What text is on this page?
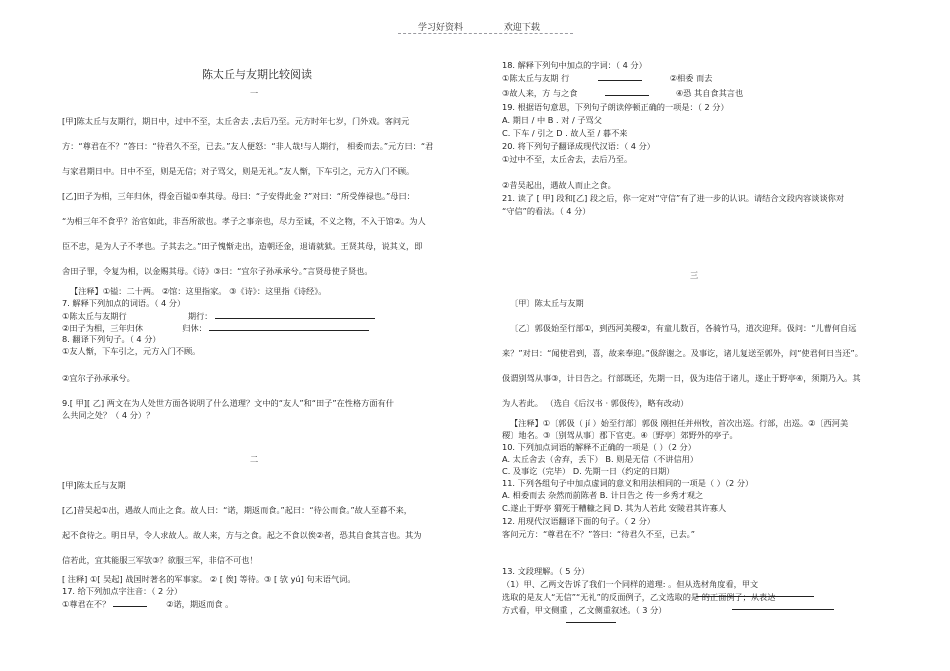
学习好资料	欢迎下载
陈太丘与友期比较阅读
一
[甲]陈太丘与友期行，期日中，过中不至，太丘舍去 ,去后乃至。元方时年七岁，门外戏。客问元
方：“尊君在不？”答曰：“待君久不至，已去。”友人便怒：“非人哉!与人期行， 相委而去。”元方曰：“君
与家君期日中。日中不至，则是无信；对子骂父，则是无礼。”友人惭，下车引之，元方入门不顾。
[乙]田子为相，三年归休，得金百镒①奉其母。母曰：“子安得此金 ?”对曰：“所受俸禄也。”母曰：
“为相三年不食乎？治官如此，非吾所欲也。孝子之事亲也，尽力至诚，不义之物，不入于馆②。为人
臣不忠，是为人子不孝也。子其去之。”田子愧惭走出，造朝还金，退请就狱。王贤其母，说其义，即
舍田子罪，令复为相，以金赐其母。《诗》③曰：“宜尔子孙承承兮。”言贤母使子贤也。
【注释】①镒：二十两。 ②馆：这里指家。 ③《诗》：这里指《诗经》。
7. 解释下列加点的词语。（ 4 分）
①陈太丘与友期行	期行：
②田子为相，三年归休	归休：
8. 翻译下列句子。（ 4 分）
①友人惭，下车引之，元方入门不顾。
②宜尔子孙承承兮。
9.[ 甲][ 乙] 两文在为人处世方面各说明了什么道理？文中的“友人”和“田子”在性格方面有什
么共同之处？（ 4 分）？
二
[甲]陈太丘与友期
[乙]昔吴起①出，遇故人而止之食。故人曰：“诺，期返而食。”起曰：“待公而食。”故人至暮不来，
起不食待之。明日早，令人求故人。故人来，方与之食。起之不食以俟②者，恐其自食其言也。其为
信若此，宜其能服三军欤③？欲服三军，非信不可也！
[ 注释] ①[ 吴起] 战国时著名的军事家。 ② [ 俟] 等待。③ [ 欤 yú] 句末语气词。
17. 给下列加点字注音：（ 2 分）
①尊君在不？	②诺，期返而食 。
18. 解释下列句中加点的字词：（ 4 分）
①陈太丘与友期 行	②相委 而去
③故人来，方 与之食	④恐 其自食其言也
19. 根据语句意思，下列句子朗读停顿正确的一项是：（ 2 分）
A. 期日 / 中 B . 对 / 子骂父
C. 下车 / 引之 D . 故人至 / 暮不来
20. 将下列句子翻译成现代汉语：（ 4 分）
①过中不至，太丘舍去，去后乃至。
②昔吴起出，遇故人而止之食。
21. 读了 [ 甲] 段和[乙] 段之后，你一定对“守信”有了进一步的认识。请结合文段内容谈谈你对
“守信”的看法。（ 4 分）
三
〔甲〕陈太丘与友期
〔乙〕郭伋始至行部①，到西河美稷②，有童儿数百，各骑竹马，道次迎拜。伋问：“儿曹何自远
来？”对曰：“闻使君到，喜，故来奉迎。”伋辞谢之。及事讫，诸儿复送至郭外，问“使君何日当还”。
伋谓别驾从事③，计日告之。行部既还，先期一日，伋为违信于诸儿，遂止于野亭④，须期乃入。其
为人若此。 （选自《后汉书 · 郭伋传》，略有改动）
【注释】①〔郭伋（ jí ）始至行部〕郭伋 刚担任并州牧，首次出巡。行部，出巡。②〔西河美
稷〕地名。③〔别驾从事〕郡下官吏。④〔野亭〕郊野外的亭子。
10. 下列加点词语的解释不正确的一项是（ ）（2 分）
A. 太丘舍去（舍弃，丢下） B. 则是无信（不讲信用）
C. 及事讫（完毕） D. 先期一日（约定的日期）
11. 下列各组句子中加点虚词的意义和用法相同的一项是（ ）（2 分）
A. 相委而去 杂然而前陈者 B. 计日告之 传一乡秀才观之
C.遂止于野亭 猬死于糟糠之间 D. 其为人若此 安陵君其许寡人
12. 用现代汉语翻译下面的句子。（ 2 分）
客问元方：“尊君在不？”答曰：“待君久不至，已去。”
13. 文段理解。（ 5 分）
（1）甲、乙两文告诉了我们一个同样的道理: 。但从选材角度看，甲文
选取的是友人“无信”“无礼”的反面例子，乙文选取的是 的正面例子；从表达
方式看，甲文侧重 ，乙文侧重叙述。（ 3 分）
